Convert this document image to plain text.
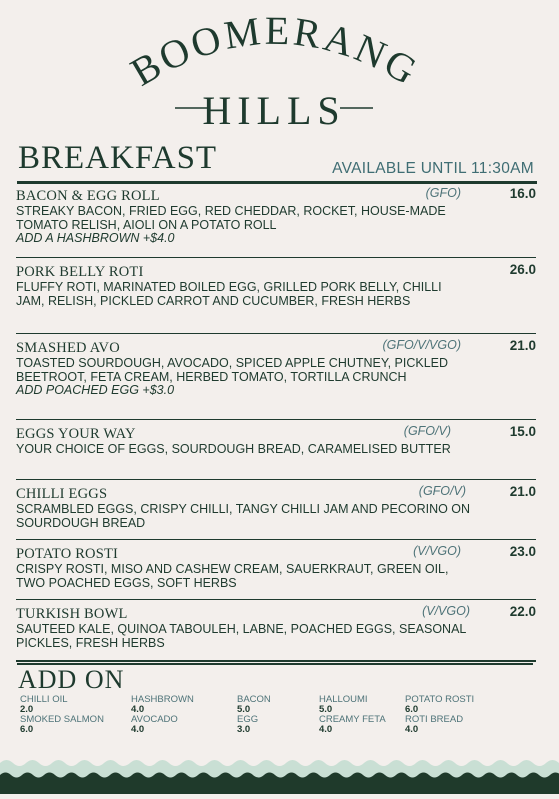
BOOMERANG
HILLS
BREAKFAST	AVAILABLE UNTIL 11:30AM
BACON & EGG ROLL	(GFO)	16.0
STREAKY BACON, FRIED EGG, RED CHEDDAR, ROCKET, HOUSE-MADE TOMATO RELISH, AIOLI ON A POTATO ROLL
ADD A HASHBROWN +$4.0
PORK BELLY ROTI	26.0
FLUFFY ROTI, MARINATED BOILED EGG, GRILLED PORK BELLY, CHILLI JAM, RELISH, PICKLED CARROT AND CUCUMBER, FRESH HERBS
SMASHED AVO	(GFO/V/VGO)	21.0
TOASTED SOURDOUGH, AVOCADO, SPICED APPLE CHUTNEY, PICKLED BEETROOT, FETA CREAM, HERBED TOMATO, TORTILLA CRUNCH
ADD POACHED EGG +$3.0
EGGS YOUR WAY	(GFO/V)	15.0
YOUR CHOICE OF EGGS, SOURDOUGH BREAD, CARAMELISED BUTTER
CHILLI EGGS	(GFO/V)	21.0
SCRAMBLED EGGS, CRISPY CHILLI, TANGY CHILLI JAM AND PECORINO ON SOURDOUGH BREAD
POTATO ROSTI	(V/VGO)	23.0
CRISPY ROSTI, MISO AND CASHEW CREAM, SAUERKRAUT, GREEN OIL, TWO POACHED EGGS, SOFT HERBS
TURKISH BOWL	(V/VGO)	22.0
SAUTEED KALE, QUINOA TABOULEH, LABNE, POACHED EGGS, SEASONAL PICKLES, FRESH HERBS
ADD ON
CHILLI OIL
2.0
SMOKED SALMON
6.0
HASHBROWN
4.0
AVOCADO
4.0
BACON
5.0
EGG
3.0
HALLOUMI
5.0
CREAMY FETA
4.0
POTATO ROSTI
6.0
ROTI BREAD
4.0
